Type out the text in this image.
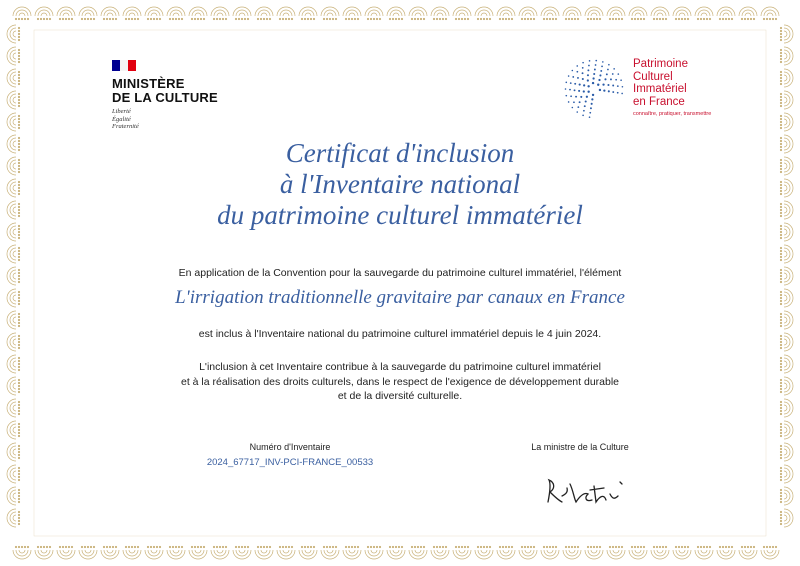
MINISTÈRE
DE LA CULTURE
Liberté
Égalité
Fraternité
Patrimoine
Culturel
Immatériel
en France
connaître, pratiquer, transmettre
Certificat d'inclusion
à l'Inventaire national
du patrimoine culturel immatériel
En application de la Convention pour la sauvegarde du patrimoine culturel immatériel, l'élément
L'irrigation traditionnelle gravitaire par canaux en France
est inclus à l'Inventaire national du patrimoine culturel immatériel depuis le 4 juin 2024.
L'inclusion à cet Inventaire contribue à la sauvegarde du patrimoine culturel immatériel
et à la réalisation des droits culturels, dans le respect de l'exigence de développement durable
et de la diversité culturelle.
Numéro d'Inventaire
2024_67717_INV-PCI-FRANCE_00533
La ministre de la Culture
